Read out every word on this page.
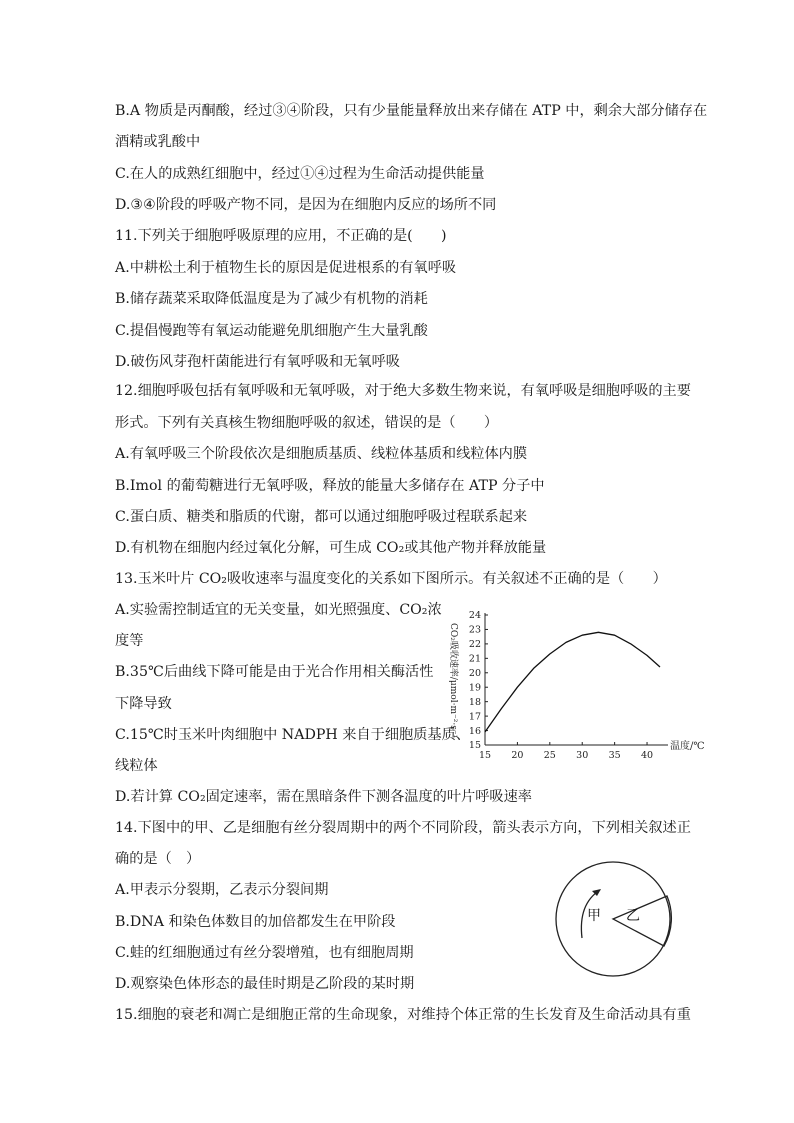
B.A 物质是丙酮酸，经过③④阶段，只有少量能量释放出来存储在 ATP 中，剩余大部分储存在
酒精或乳酸中
C.在人的成熟红细胞中，经过①④过程为生命活动提供能量
D.③④阶段的呼吸产物不同，是因为在细胞内反应的场所不同
11.下列关于细胞呼吸原理的应用，不正确的是(　　)
A.中耕松土利于植物生长的原因是促进根系的有氧呼吸
B.储存蔬菜采取降低温度是为了减少有机物的消耗
C.提倡慢跑等有氧运动能避免肌细胞产生大量乳酸
D.破伤风芽孢杆菌能进行有氧呼吸和无氧呼吸
12.细胞呼吸包括有氧呼吸和无氧呼吸，对于绝大多数生物来说，有氧呼吸是细胞呼吸的主要
形式。下列有关真核生物细胞呼吸的叙述，错误的是（　　）
A.有氧呼吸三个阶段依次是细胞质基质、线粒体基质和线粒体内膜
B.Imol 的葡萄糖进行无氧呼吸，释放的能量大多储存在 ATP 分子中
C.蛋白质、糖类和脂质的代谢，都可以通过细胞呼吸过程联系起来
D.有机物在细胞内经过氧化分解，可生成 CO₂或其他产物并释放能量
13.玉米叶片 CO₂吸收速率与温度变化的关系如下图所示。有关叙述不正确的是（　　）
A.实验需控制适宜的无关变量，如光照强度、CO₂浓
度等
B.35℃后曲线下降可能是由于光合作用相关酶活性
下降导致
C.15℃时玉米叶肉细胞中 NADPH 来自于细胞质基质、
线粒体
D.若计算 CO₂固定速率，需在黑暗条件下测各温度的叶片呼吸速率
14.下图中的甲、乙是细胞有丝分裂周期中的两个不同阶段，箭头表示方向，下列相关叙述正
确的是（　）
A.甲表示分裂期，乙表示分裂间期
B.DNA 和染色体数目的加倍都发生在甲阶段
C.蛙的红细胞通过有丝分裂增殖，也有细胞周期
D.观察染色体形态的最佳时期是乙阶段的某时期
15.细胞的衰老和凋亡是细胞正常的生命现象，对维持个体正常的生长发育及生命活动具有重
15 20 25 30 35 40
15
16
17
18
19
20
21
22
23
24
温度/℃
CO₂吸收速率/μmol·m⁻²·s⁻¹
甲 乙
